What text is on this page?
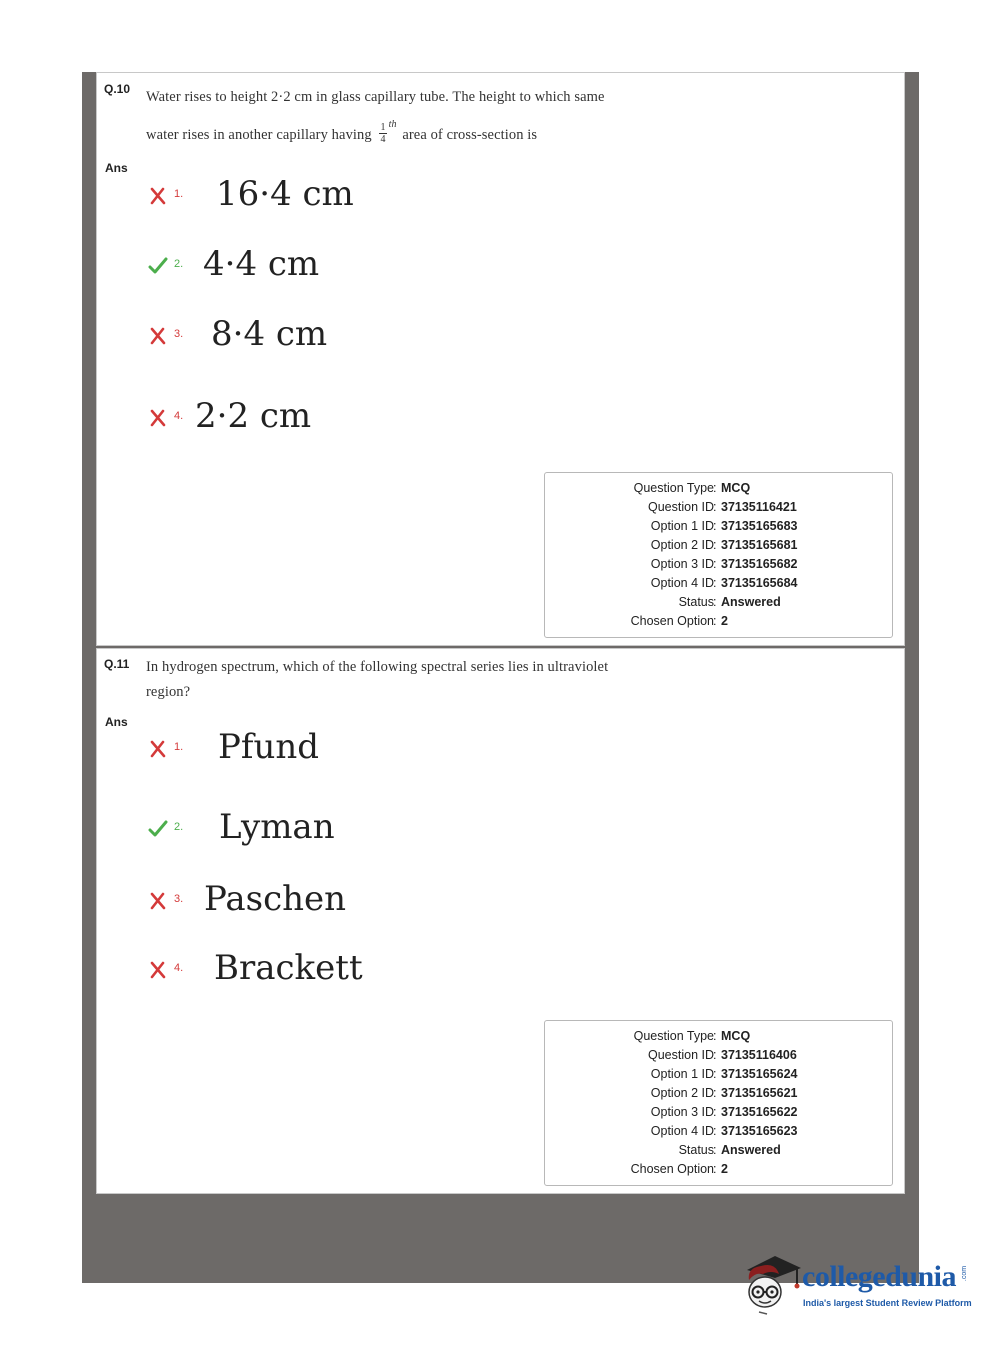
Q.10 Water rises to height 2·2 cm in glass capillary tube. The height to which same
water rises in another capillary having $\frac{1}{4} ^{th}$ area of cross-section is
Ans
1. 16·4 cm
2. 4·4 cm
3. 8·4 cm
4. 2·2 cm
Question Type : MCQ
Question ID : 37135116421
Option 1 ID : 37135165683
Option 2 ID : 37135165681
Option 3 ID : 37135165682
Option 4 ID : 37135165684
Status : Answered
Chosen Option : 2
Q.11 In hydrogen spectrum, which of the following spectral series lies in ultraviolet
region?
Ans
1. Pfund
2. Lyman
3. Paschen
4. Brackett
Question Type : MCQ
Question ID : 37135116406
Option 1 ID : 37135165624
Option 2 ID : 37135165621
Option 3 ID : 37135165622
Option 4 ID : 37135165623
Status : Answered
Chosen Option : 2
collegedunia .com
India's largest Student Review Platform
